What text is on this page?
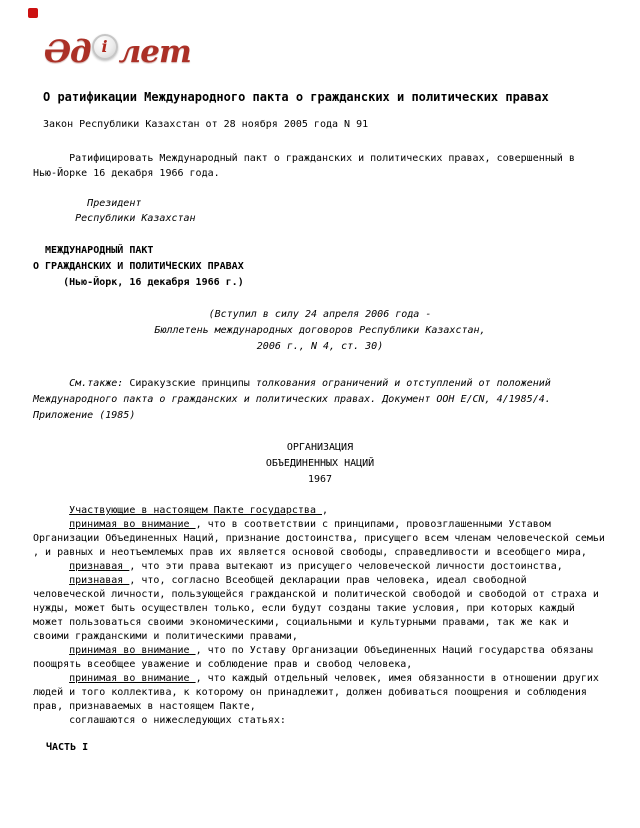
Әд і лет
О ратификации Международного пакта о гражданских и политических правах
Закон Республики Казахстан от 28 ноября 2005 года N 91
Ратифицировать Международный пакт о гражданских и политических правах, совершенный в
Нью-Йорке 16 декабря 1966 года.
Президент
Республики Казахстан
МЕЖДУНАРОДНЫЙ ПАКТ
О ГРАЖДАНСКИХ И ПОЛИТИЧЕСКИХ ПРАВАХ
(Нью-Йорк, 16 декабря 1966 г.)
(Вступил в силу 24 апреля 2006 года -
Бюллетень международных договоров Республики Казахстан,
2006 г., N 4, ст. 30)
См.также: Сиракузские принципы толкования ограничений и отступлений от положений
Международного пакта о гражданских и политических правах. Документ ООН E/CN, 4/1985/4.
Приложение (1985)
ОРГАНИЗАЦИЯ
ОБЪЕДИНЕННЫХ НАЦИЙ
1967
Участвующие в настоящем Пакте государства ,
принимая во внимание , что в соответствии с принципами, провозглашенными Уставом
Организации Объединенных Наций, признание достоинства, присущего всем членам человеческой семьи
, и равных и неотъемлемых прав их является основой свободы, справедливости и всеобщего мира,
признавая , что эти права вытекают из присущего человеческой личности достоинства,
признавая , что, согласно Всеобщей декларации прав человека, идеал свободной
человеческой личности, пользующейся гражданской и политической свободой и свободой от страха и
нужды, может быть осуществлен только, если будут созданы такие условия, при которых каждый
может пользоваться своими экономическими, социальными и культурными правами, так же как и
своими гражданскими и политическими правами,
принимая во внимание , что по Уставу Организации Объединенных Наций государства обязаны
поощрять всеобщее уважение и соблюдение прав и свобод человека,
принимая во внимание , что каждый отдельный человек, имея обязанности в отношении других
людей и того коллектива, к которому он принадлежит, должен добиваться поощрения и соблюдения
прав, признаваемых в настоящем Пакте,
соглашаются о нижеследующих статьях:
ЧАСТЬ I
